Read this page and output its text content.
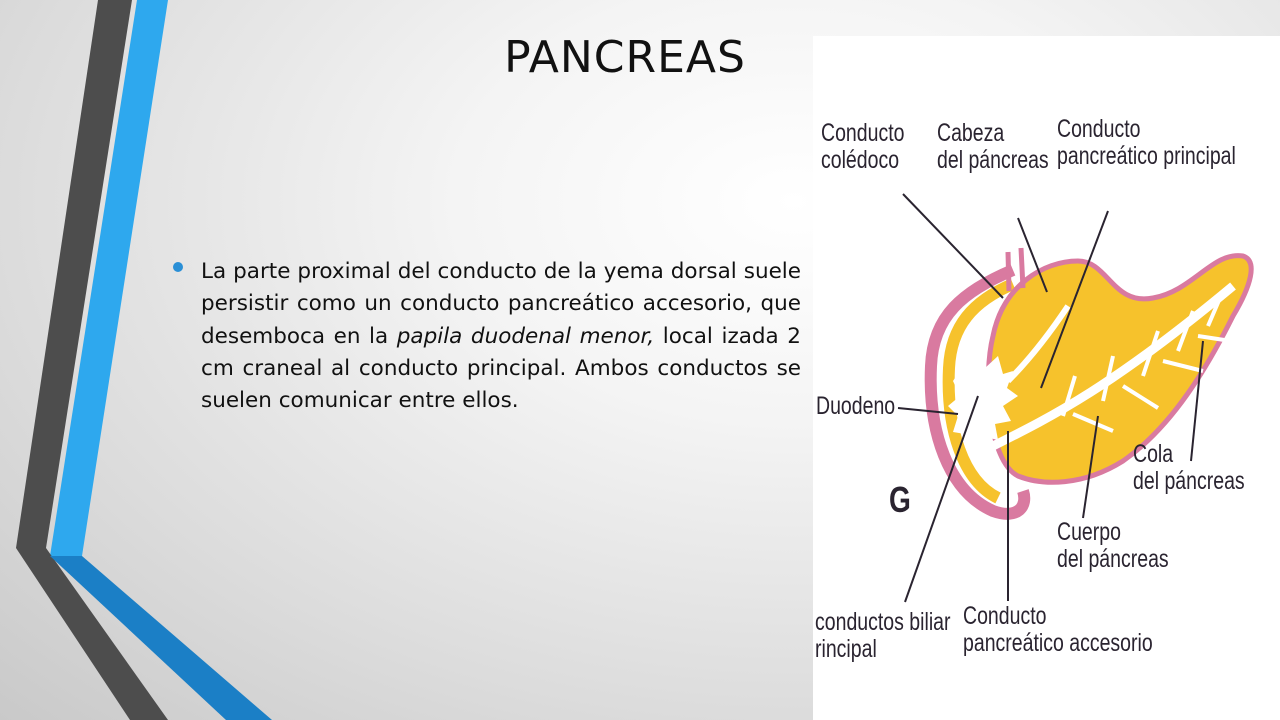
PANCREAS
La parte proximal del conducto de la yema dorsal suele persistir como un conducto pancreático accesorio, que desemboca en la papila duodenal menor, local izada 2 cm craneal al conducto principal. Ambos conductos se suelen comunicar entre ellos.
Conducto
colédoco
Cabeza
del páncreas
Conducto
pancreático principal
Duodeno
G
Cola
del páncreas
Cuerpo
del páncreas
conductos biliar
rincipal
Conducto
pancreático accesorio
